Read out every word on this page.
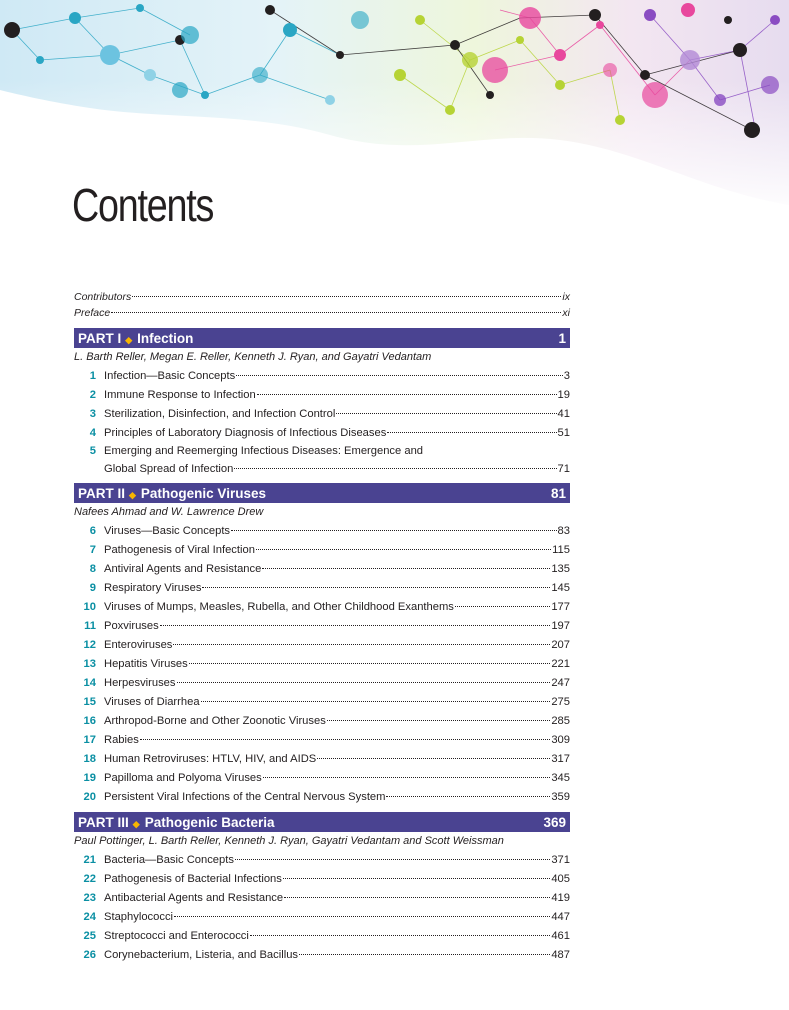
Contents
Contributors	ix
Preface	xi
PART I ◆ Infection	1
L. Barth Reller, Megan E. Reller, Kenneth J. Ryan, and Gayatri Vedantam
1 Infection—Basic Concepts	3
2 Immune Response to Infection	19
3 Sterilization, Disinfection, and Infection Control	41
4 Principles of Laboratory Diagnosis of Infectious Diseases	51
5 Emerging and Reemerging Infectious Diseases: Emergence and
Global Spread of Infection	71
PART II ◆ Pathogenic Viruses	81
Nafees Ahmad and W. Lawrence Drew
6 Viruses—Basic Concepts	83
7 Pathogenesis of Viral Infection	115
8 Antiviral Agents and Resistance	135
9 Respiratory Viruses	145
10 Viruses of Mumps, Measles, Rubella, and Other Childhood Exanthems	177
11 Poxviruses	197
12 Enteroviruses	207
13 Hepatitis Viruses	221
14 Herpesviruses	247
15 Viruses of Diarrhea	275
16 Arthropod-Borne and Other Zoonotic Viruses	285
17 Rabies	309
18 Human Retroviruses: HTLV, HIV, and AIDS	317
19 Papilloma and Polyoma Viruses	345
20 Persistent Viral Infections of the Central Nervous System	359
PART III ◆ Pathogenic Bacteria	369
Paul Pottinger, L. Barth Reller, Kenneth J. Ryan, Gayatri Vedantam and Scott Weissman
21 Bacteria—Basic Concepts	371
22 Pathogenesis of Bacterial Infections	405
23 Antibacterial Agents and Resistance	419
24 Staphylococci	447
25 Streptococci and Enterococci	461
26 Corynebacterium, Listeria, and Bacillus	487
